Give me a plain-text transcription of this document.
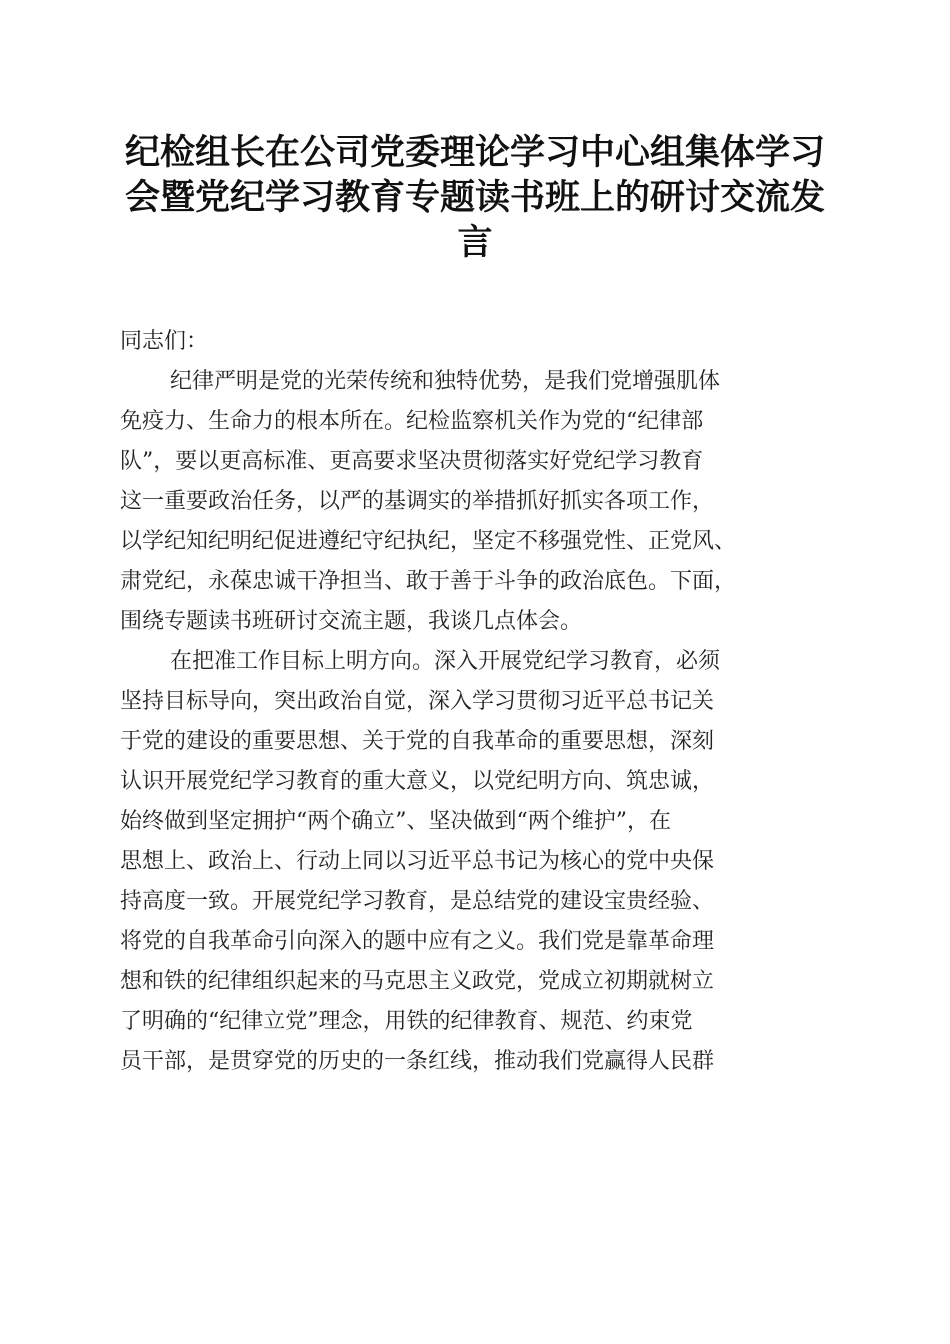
纪检组长在公司党委理论学习中心组集体学习
会暨党纪学习教育专题读书班上的研讨交流发
言

同志们：

纪律严明是党的光荣传统和独特优势，是我们党增强肌体
免疫力、生命力的根本所在。纪检监察机关作为党的“纪律部
队”，要以更高标准、更高要求坚决贯彻落实好党纪学习教育
这一重要政治任务，以严的基调实的举措抓好抓实各项工作，
以学纪知纪明纪促进遵纪守纪执纪，坚定不移强党性、正党风、
肃党纪，永葆忠诚干净担当、敢于善于斗争的政治底色。下面，
围绕专题读书班研讨交流主题，我谈几点体会。

在把准工作目标上明方向。深入开展党纪学习教育，必须
坚持目标导向，突出政治自觉，深入学习贯彻习近平总书记关
于党的建设的重要思想、关于党的自我革命的重要思想，深刻
认识开展党纪学习教育的重大意义，以党纪明方向、筑忠诚，
始终做到坚定拥护“两个确立”、坚决做到“两个维护”，在
思想上、政治上、行动上同以习近平总书记为核心的党中央保
持高度一致。开展党纪学习教育，是总结党的建设宝贵经验、
将党的自我革命引向深入的题中应有之义。我们党是靠革命理
想和铁的纪律组织起来的马克思主义政党，党成立初期就树立
了明确的“纪律立党”理念，用铁的纪律教育、规范、约束党
员干部，是贯穿党的历史的一条红线，推动我们党赢得人民群
